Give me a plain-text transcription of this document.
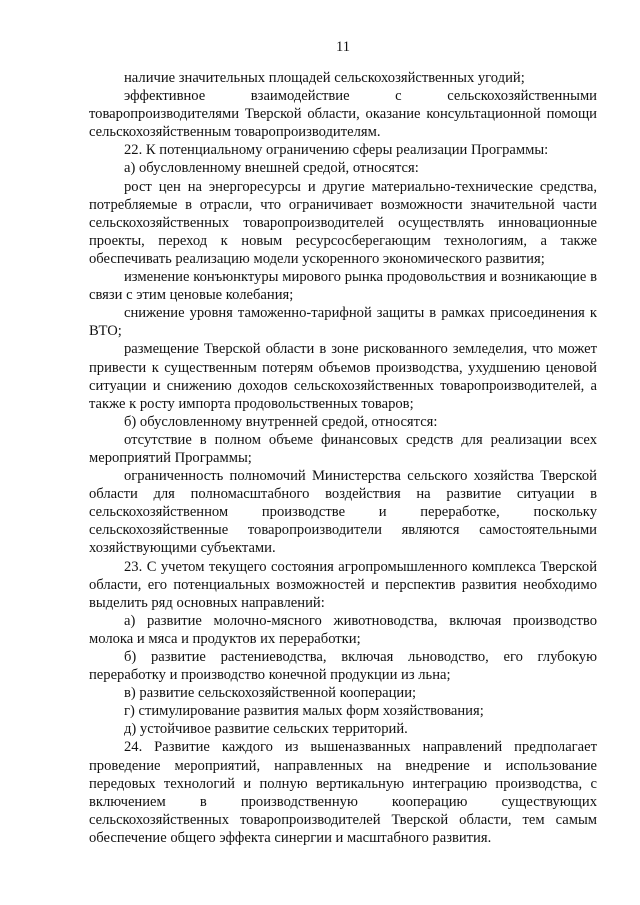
11

наличие значительных площадей сельскохозяйственных угодий;

эффективное взаимодействие с сельскохозяйственными товаропроизводителями Тверской области, оказание консультационной помощи сельскохозяйственным товаропроизводителям.

22. К потенциальному ограничению сферы реализации Программы:

а) обусловленному внешней средой, относятся:

рост цен на энергоресурсы и другие материально-технические средства, потребляемые в отрасли, что ограничивает возможности значительной части сельскохозяйственных товаропроизводителей осуществлять инновационные проекты, переход к новым ресурсосберегающим технологиям, а также обеспечивать реализацию модели ускоренного экономического развития;

изменение конъюнктуры мирового рынка продовольствия и возникающие в связи с этим ценовые колебания;

снижение уровня таможенно-тарифной защиты в рамках присоединения к ВТО;

размещение Тверской области в зоне рискованного земледелия, что может привести к существенным потерям объемов производства, ухудшению ценовой ситуации и снижению доходов сельскохозяйственных товаропроизводителей, а также к росту импорта продовольственных товаров;

б) обусловленному внутренней средой, относятся:

отсутствие в полном объеме финансовых средств для реализации всех мероприятий Программы;

ограниченность полномочий Министерства сельского хозяйства Тверской области для полномасштабного воздействия на развитие ситуации в сельскохозяйственном производстве и переработке, поскольку сельскохозяйственные товаропроизводители являются самостоятельными хозяйствующими субъектами.

23. С учетом текущего состояния агропромышленного комплекса Тверской области, его потенциальных возможностей и перспектив развития необходимо выделить ряд основных направлений:

а) развитие молочно-мясного животноводства, включая производство молока и мяса и продуктов их переработки;

б) развитие растениеводства, включая льноводство, его глубокую переработку и производство конечной продукции из льна;

в) развитие сельскохозяйственной кооперации;

г) стимулирование развития малых форм хозяйствования;

д) устойчивое развитие сельских территорий.

24. Развитие каждого из вышеназванных направлений предполагает проведение мероприятий, направленных на внедрение и использование передовых технологий и полную вертикальную интеграцию производства, с включением в производственную кооперацию существующих сельскохозяйственных товаропроизводителей Тверской области, тем самым обеспечение общего эффекта синергии и масштабного развития.
